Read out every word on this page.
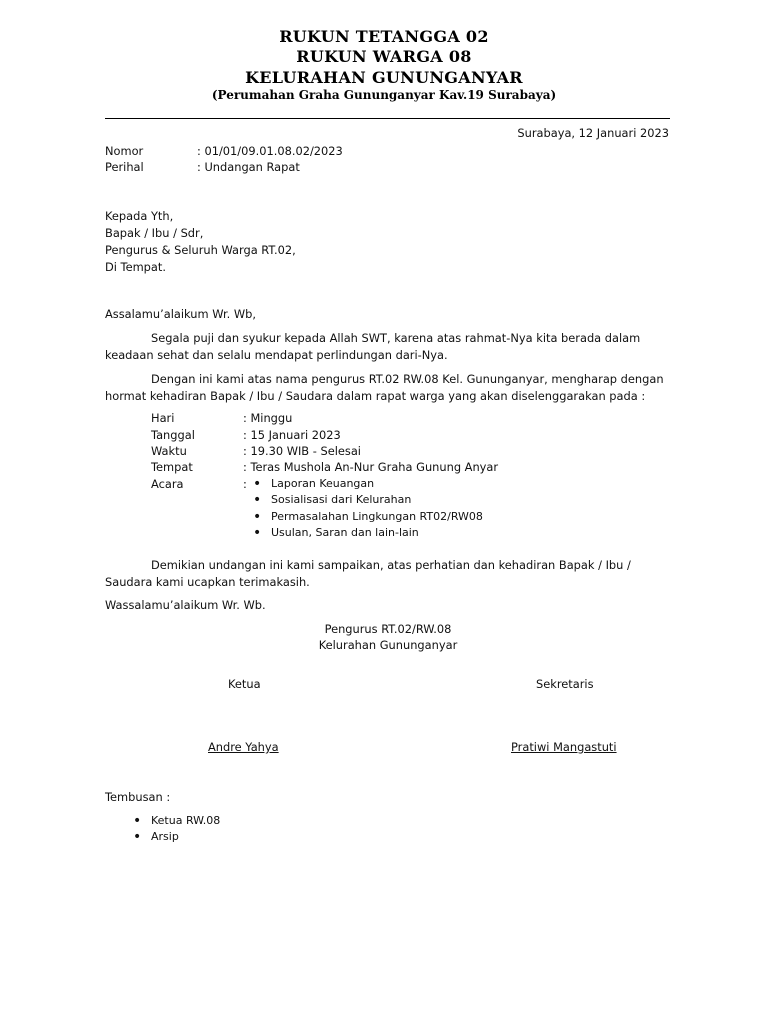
RUKUN TETANGGA 02
RUKUN WARGA 08
KELURAHAN GUNUNGANYAR
(Perumahan Graha Gununganyar Kav.19 Surabaya)
Surabaya, 12 Januari 2023
Nomor	: 01/01/09.01.08.02/2023
Perihal	: Undangan Rapat
Kepada Yth,
Bapak / Ibu / Sdr,
Pengurus & Seluruh Warga RT.02,
Di Tempat.
Assalamu’alaikum Wr. Wb,
Segala puji dan syukur kepada Allah SWT, karena atas rahmat-Nya kita berada dalam
keadaan sehat dan selalu mendapat perlindungan dari-Nya.
Dengan ini kami atas nama pengurus RT.02 RW.08 Kel. Gununganyar, mengharap dengan
hormat kehadiran Bapak / Ibu / Saudara dalam rapat warga yang akan diselenggarakan pada :
Hari	: Minggu
Tanggal	: 15 Januari 2023
Waktu	: 19.30 WIB - Selesai
Tempat	: Teras Mushola An-Nur Graha Gunung Anyar
Acara	:
• Laporan Keuangan
• Sosialisasi dari Kelurahan
• Permasalahan Lingkungan RT02/RW08
• Usulan, Saran dan lain-lain
Demikian undangan ini kami sampaikan, atas perhatian dan kehadiran Bapak / Ibu /
Saudara kami ucapkan terimakasih.
Wassalamu’alaikum Wr. Wb.
Pengurus RT.02/RW.08
Kelurahan Gununganyar
Ketua	Sekretaris
Andre Yahya	Pratiwi Mangastuti
Tembusan :
• Ketua RW.08
• Arsip
